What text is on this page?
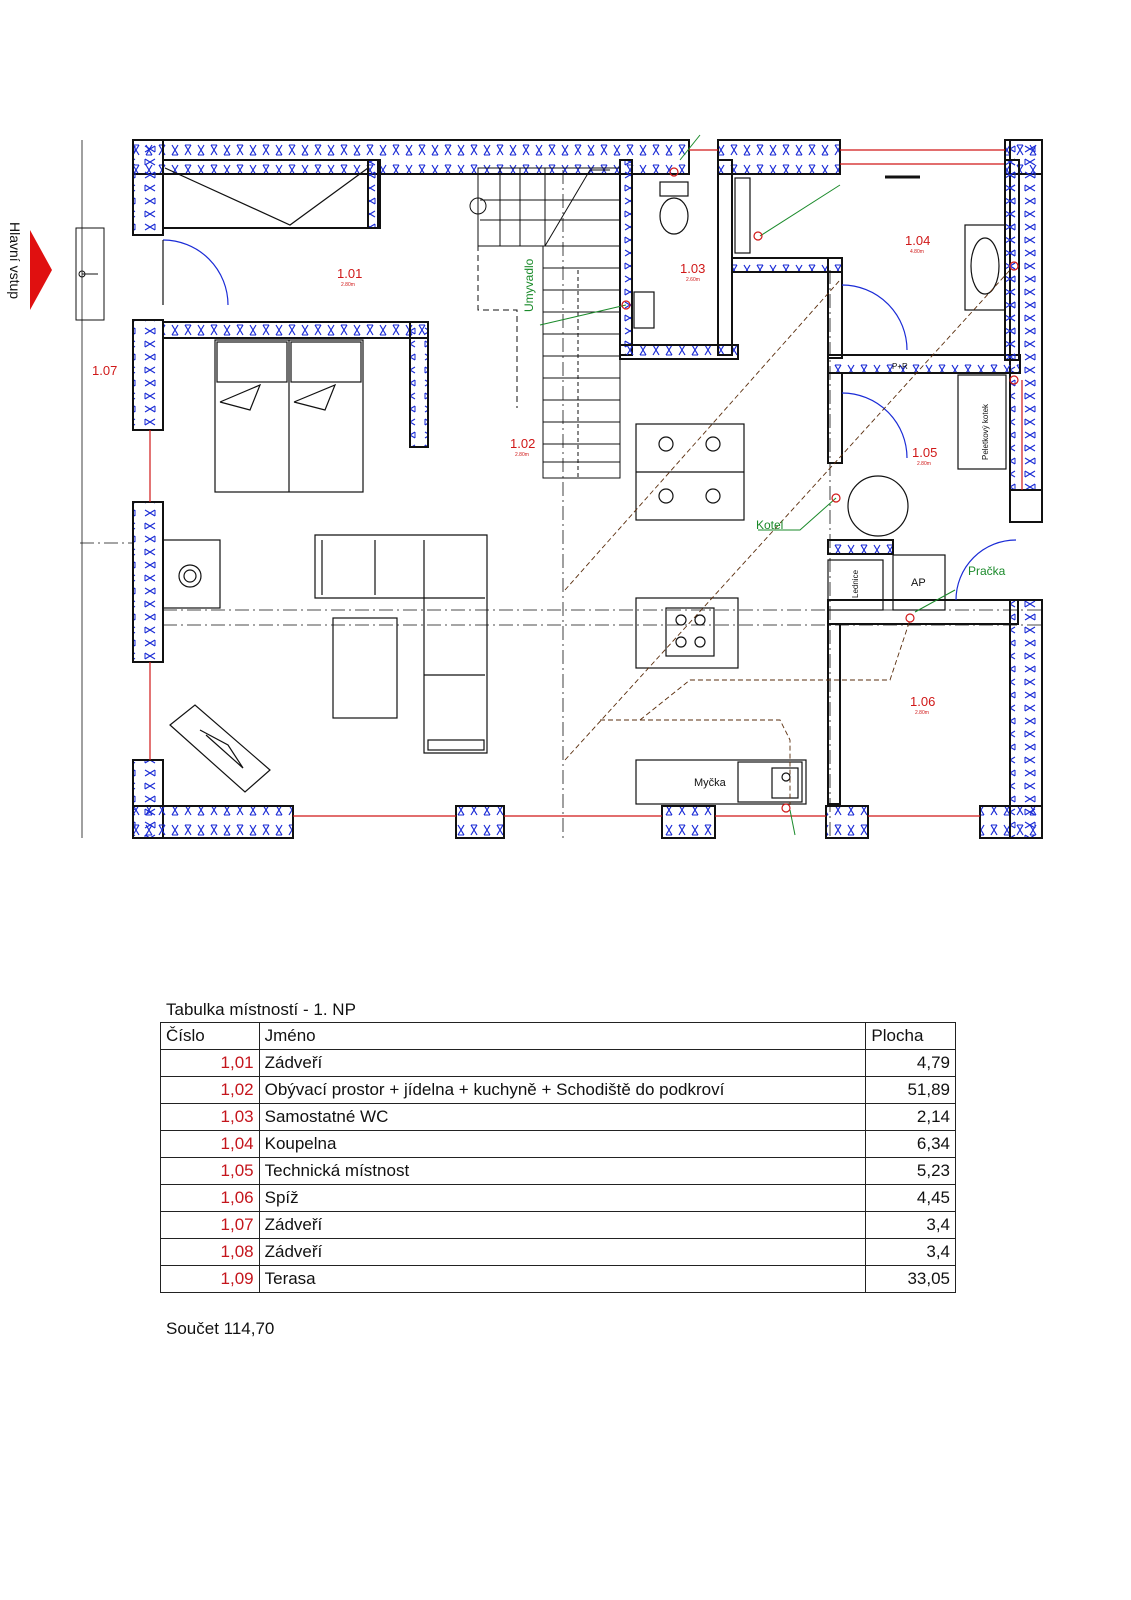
Hlavní vstup	1.01
2.80m
1.02
2.80m
1.03
2.60m
1.04
4.80m
1.05
2.80m
1.06
2.80m
1.07
Umyvadlo
Kotel
Pračka
Myčka
AP
Peletkový kotek
P+R
Lednice
Tabulka místností - 1. NP
Číslo	Jméno	Plocha
1,01	Zádveří	4,79
1,02	Obývací prostor + jídelna + kuchyně + Schodiště do podkroví	51,89
1,03	Samostatné WC	2,14
1,04	Koupelna	6,34
1,05	Technická místnost	5,23
1,06	Spíž	4,45
1,07	Zádveří	3,4
1,08	Zádveří	3,4
1,09	Terasa	33,05
Součet 114,70
